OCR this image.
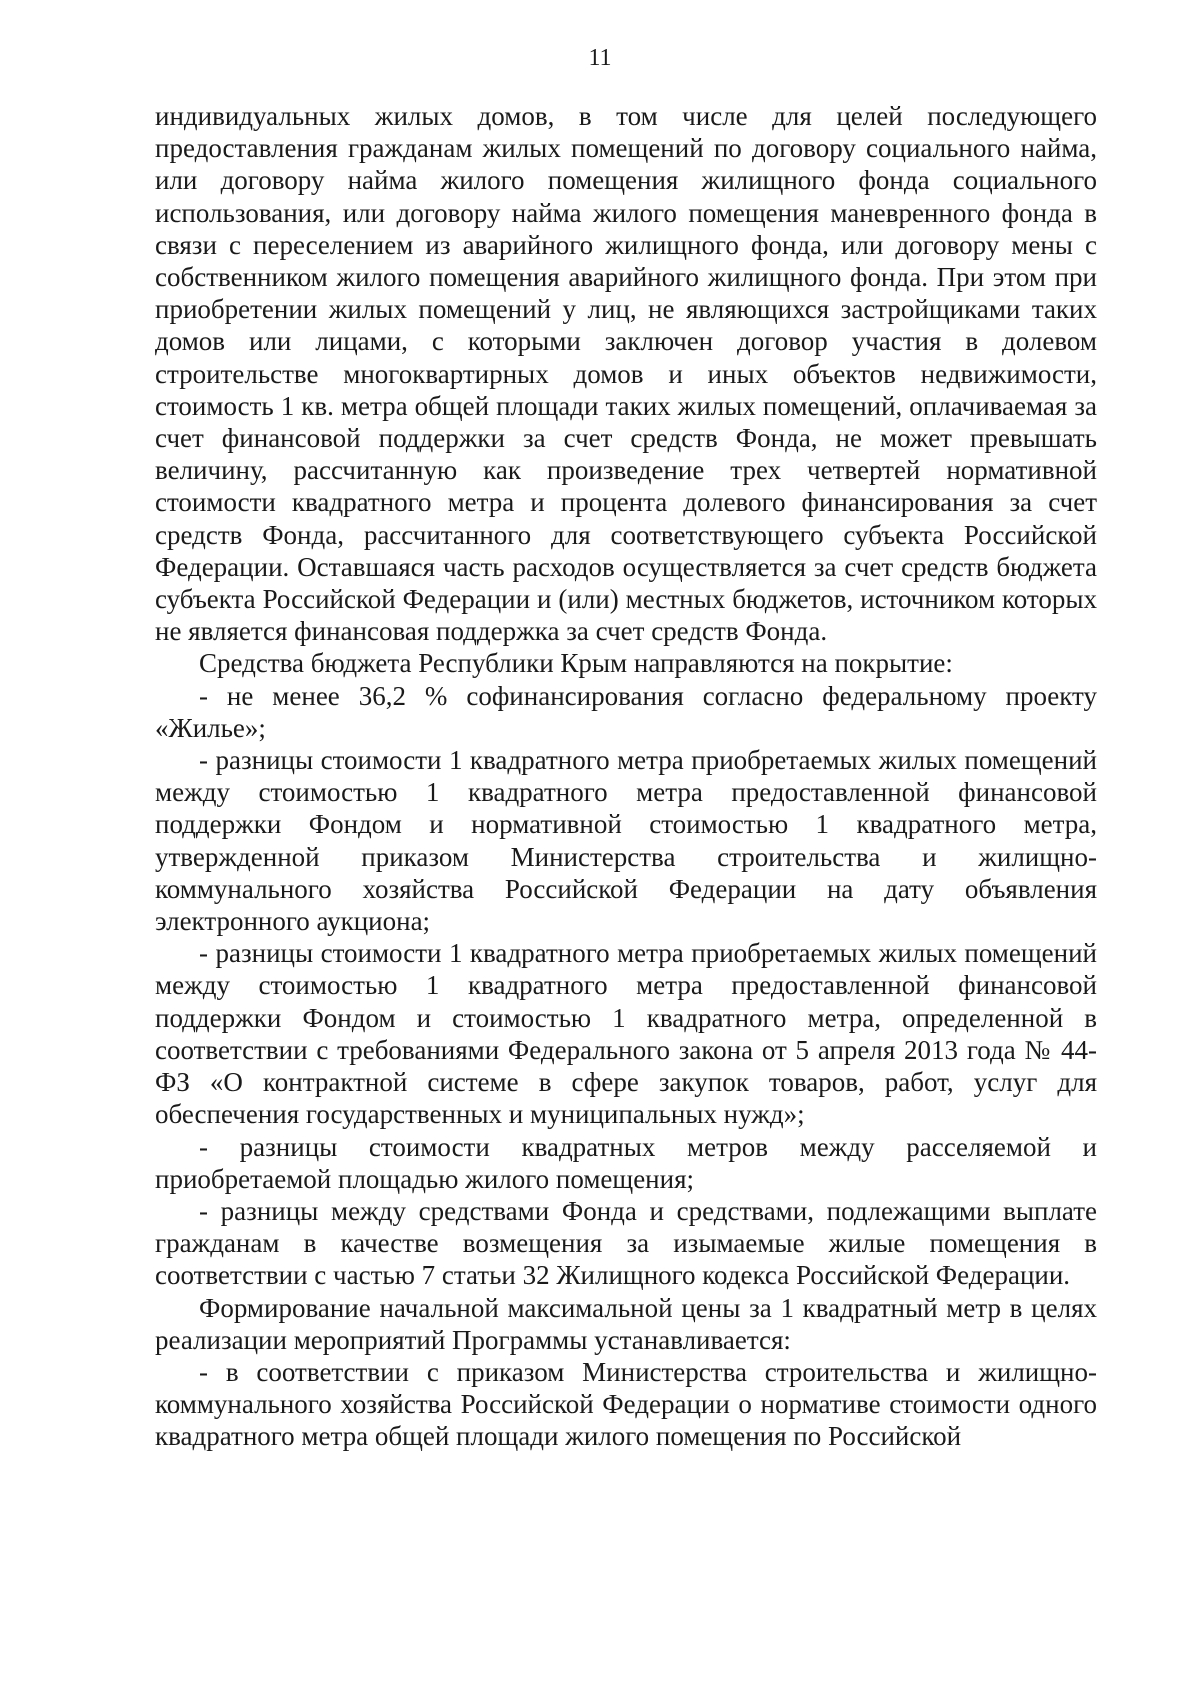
11

индивидуальных жилых домов, в том числе для целей последующего предоставления гражданам жилых помещений по договору социального найма, или договору найма жилого помещения жилищного фонда социального использования, или договору найма жилого помещения маневренного фонда в связи с переселением из аварийного жилищного фонда, или договору мены с собственником жилого помещения аварийного жилищного фонда. При этом при приобретении жилых помещений у лиц, не являющихся застройщиками таких домов или лицами, с которыми заключен договор участия в долевом строительстве многоквартирных домов и иных объектов недвижимости, стоимость 1 кв. метра общей площади таких жилых помещений, оплачиваемая за счет финансовой поддержки за счет средств Фонда, не может превышать величину, рассчитанную как произведение трех четвертей нормативной стоимости квадратного метра и процента долевого финансирования за счет средств Фонда, рассчитанного для соответствующего субъекта Российской Федерации. Оставшаяся часть расходов осуществляется за счет средств бюджета субъекта Российской Федерации и (или) местных бюджетов, источником которых не является финансовая поддержка за счет средств Фонда.

Средства бюджета Республики Крым направляются на покрытие:

- не менее 36,2 % софинансирования согласно федеральному проекту «Жилье»;

- разницы стоимости 1 квадратного метра приобретаемых жилых помещений между стоимостью 1 квадратного метра предоставленной финансовой поддержки Фондом и нормативной стоимостью 1 квадратного метра, утвержденной приказом Министерства строительства и жилищно-коммунального хозяйства Российской Федерации на дату объявления электронного аукциона;

- разницы стоимости 1 квадратного метра приобретаемых жилых помещений между стоимостью 1 квадратного метра предоставленной финансовой поддержки Фондом и стоимостью 1 квадратного метра, определенной в соответствии с требованиями Федерального закона от 5 апреля 2013 года № 44-ФЗ «О контрактной системе в сфере закупок товаров, работ, услуг для обеспечения государственных и муниципальных нужд»;

- разницы стоимости квадратных метров между расселяемой и приобретаемой площадью жилого помещения;

- разницы между средствами Фонда и средствами, подлежащими выплате гражданам в качестве возмещения за изымаемые жилые помещения в соответствии с частью 7 статьи 32 Жилищного кодекса Российской Федерации.

Формирование начальной максимальной цены за 1 квадратный метр в целях реализации мероприятий Программы устанавливается:

- в соответствии с приказом Министерства строительства и жилищно-коммунального хозяйства Российской Федерации о нормативе стоимости одного квадратного метра общей площади жилого помещения по Российской
